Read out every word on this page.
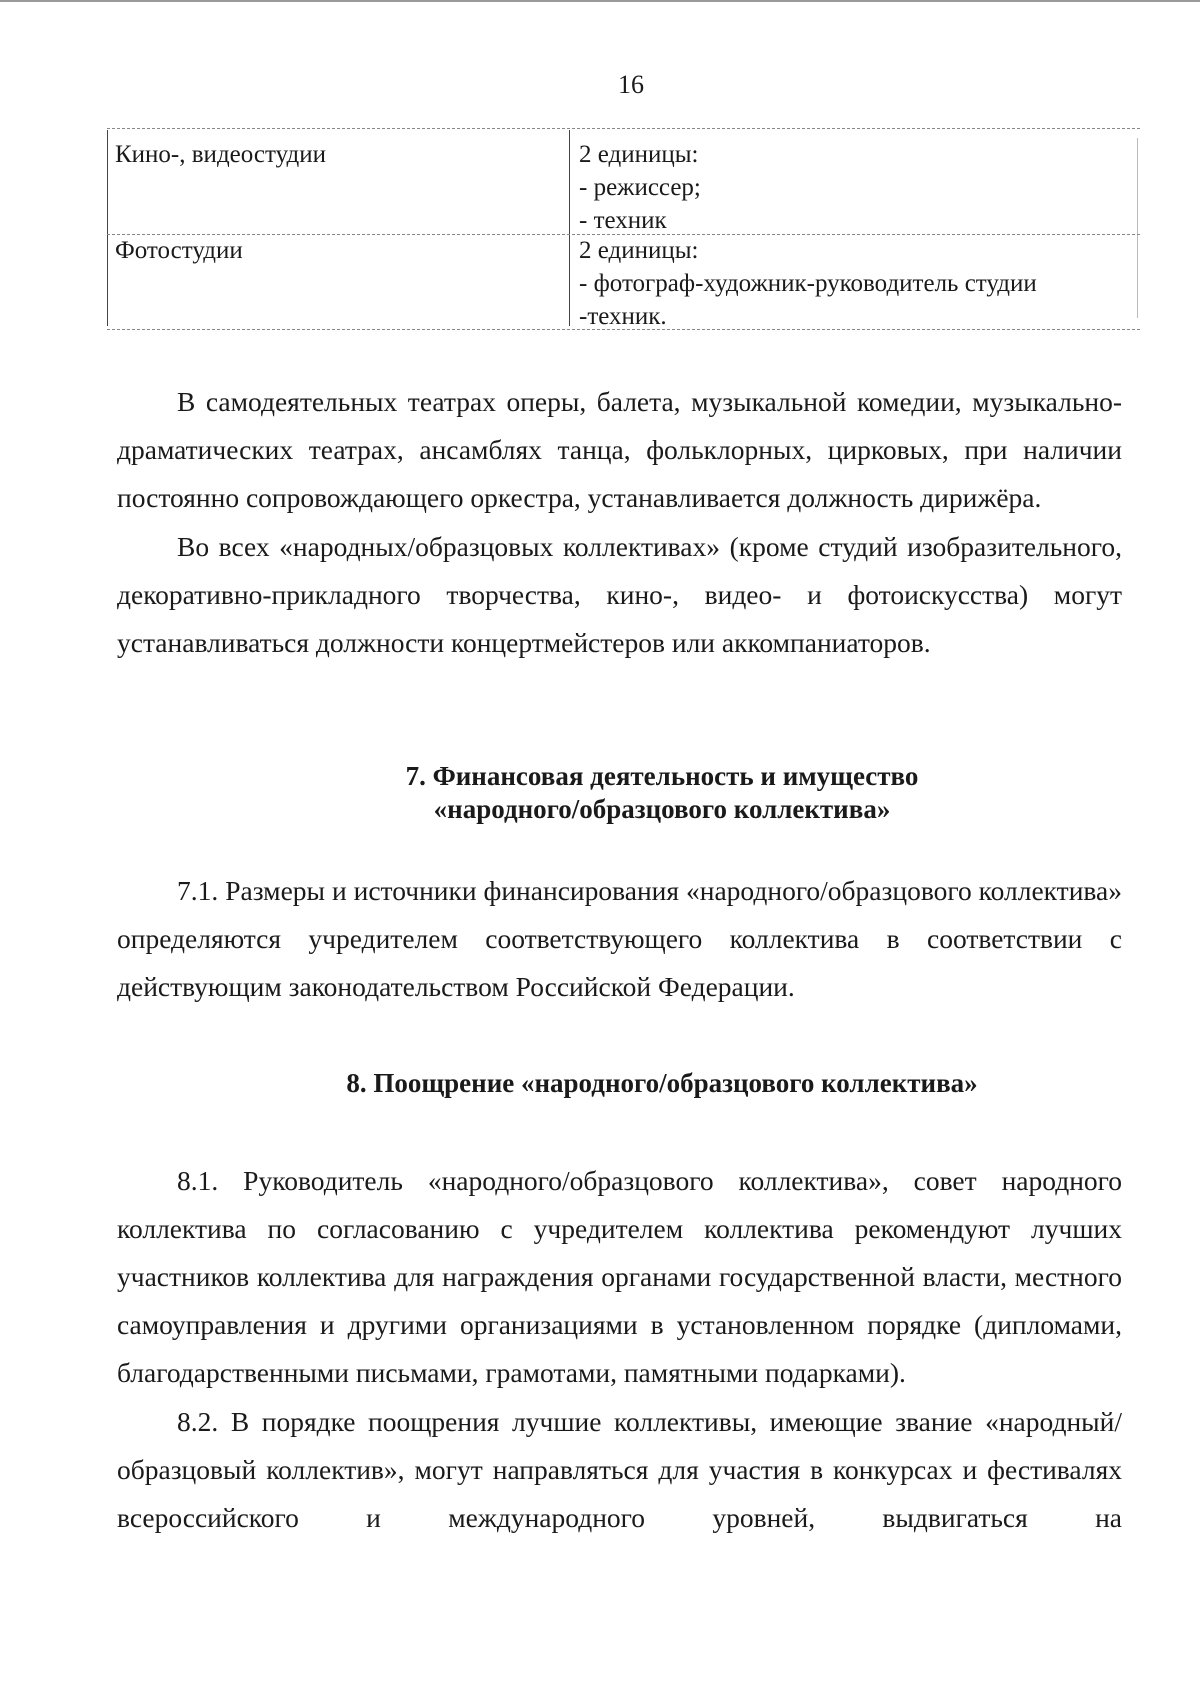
16
Кино-, видеостудии	2 единицы:
- режиссер;
- техник
Фотостудии	2 единицы:
- фотограф-художник-руководитель студии
-техник.
В самодеятельных театрах оперы, балета, музыкальной комедии, музыкально-драматических театрах, ансамблях танца, фольклорных, цирковых, при наличии постоянно сопровождающего оркестра, устанавливается должность дирижёра.
Во всех «народных/образцовых коллективах» (кроме студий изобразительного, декоративно-прикладного творчества, кино-, видео- и фотоискусства) могут устанавливаться должности концертмейстеров или аккомпаниаторов.
7. Финансовая деятельность и имущество
«народного/образцового коллектива»
7.1. Размеры и источники финансирования «народного/образцового коллектива» определяются учредителем соответствующего коллектива в соответствии с действующим законодательством Российской Федерации.
8. Поощрение «народного/образцового коллектива»
8.1. Руководитель «народного/образцового коллектива», совет народного коллектива по согласованию с учредителем коллектива рекомендуют лучших участников коллектива для награждения органами государственной власти, местного самоуправления и другими организациями в установленном порядке (дипломами, благодарственными письмами, грамотами, памятными подарками).
8.2. В порядке поощрения лучшие коллективы, имеющие звание «народный/образцовый коллектив», могут направляться для участия в конкурсах и фестивалях всероссийского и международного уровней, выдвигаться на
